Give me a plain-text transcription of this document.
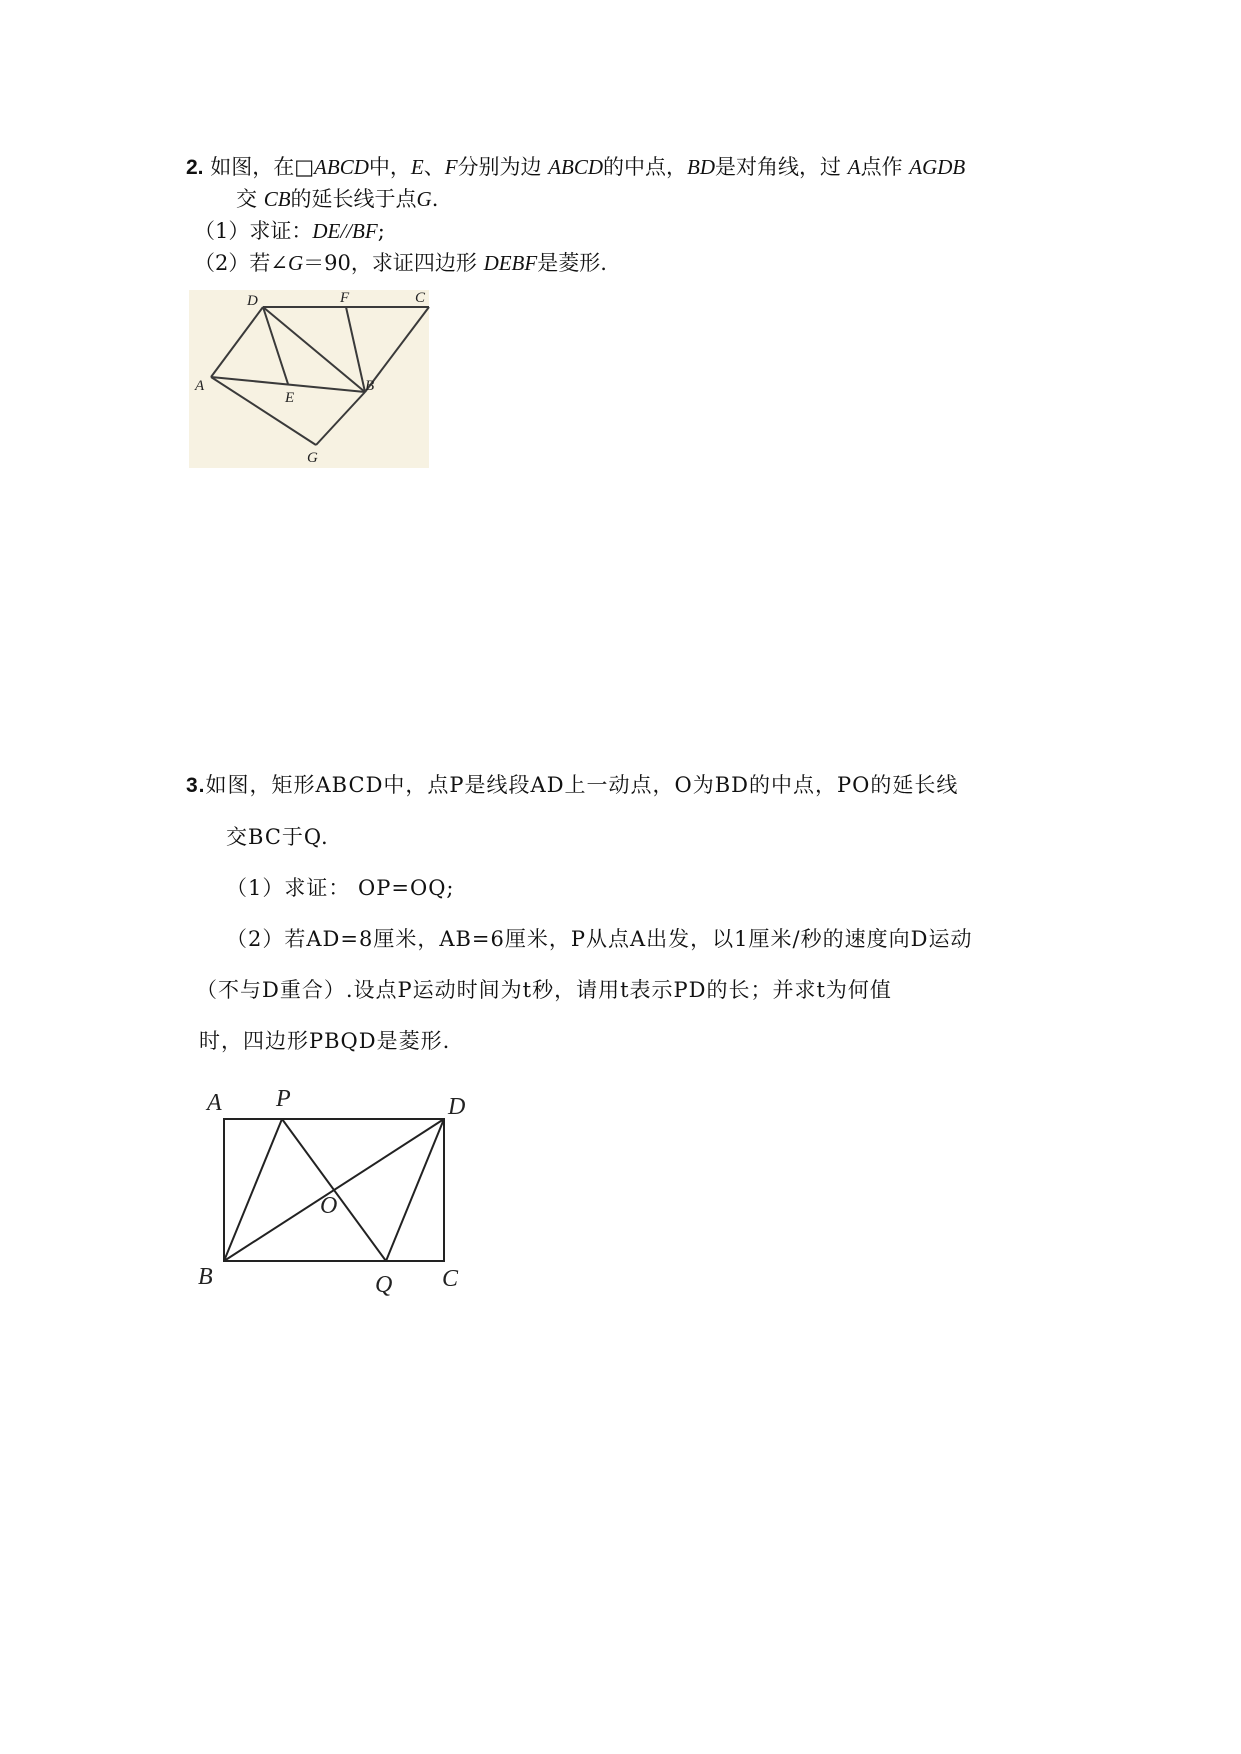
2. 如图，在□ABCD中，E、F分别为边 ABCD的中点，BD是对角线，过 A点作 AGDB
交 CB的延长线于点G.
（1）求证：DE//BF;
（2）若∠G＝90，求证四边形 DEBF是菱形.
D	F	C
A
E
B
G
3.如图，矩形ABCD中，点P是线段AD上一动点，O为BD的中点，PO的延长线
交BC于Q.
（1）求证： OP=OQ;
（2）若AD=8厘米，AB=6厘米，P从点A出发，以1厘米/秒的速度向D运动
（不与D重合）.设点P运动时间为t秒，请用t表示PD的长；并求t为何值
时，四边形PBQD是菱形.
A P	D
O
B	Q C
